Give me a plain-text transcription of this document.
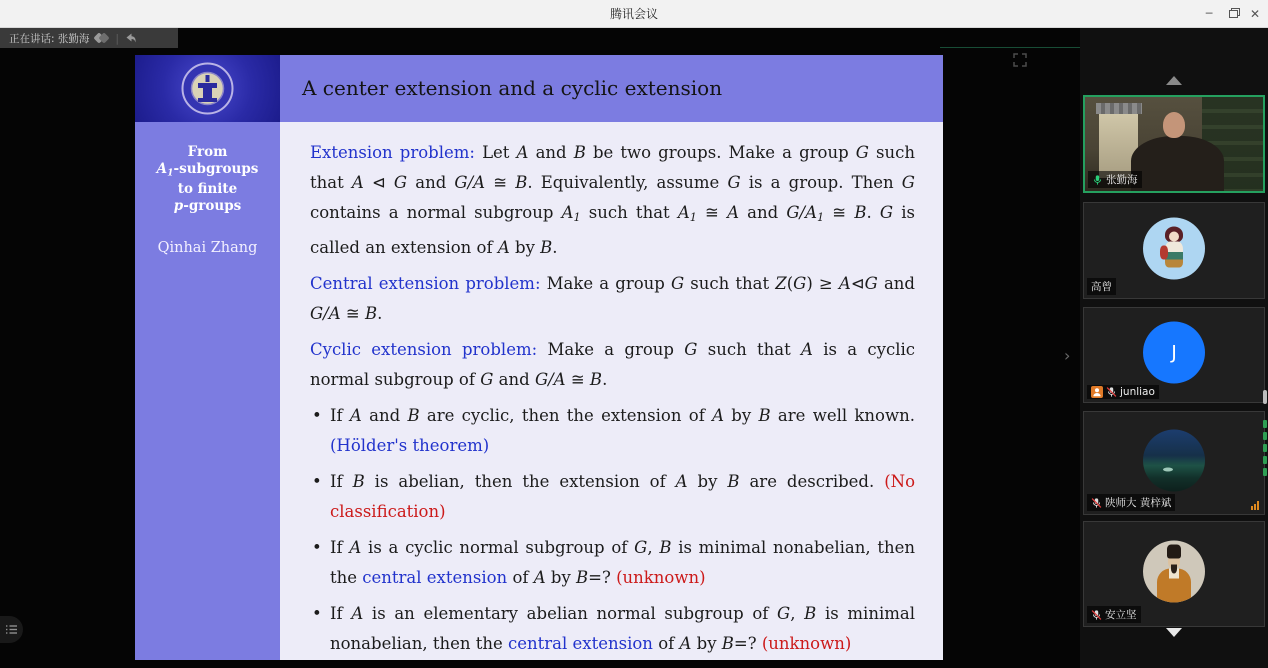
腾讯会议	─	✕
正在讲话: 张勤海 |
A center extension and a cyclic extension
From
A1-subgroups
to finite
p-groups
Qinhai Zhang
Extension problem: Let A and B be two groups. Make a group G such that A ⊲ G and G/A ≅ B. Equivalently, assume G is a group. Then G contains a normal subgroup A1 such that A1 ≅ A and G/A1 ≅ B. G is called an extension of A by B.
Central extension problem: Make a group G such that Z(G) ≥ A⊲G and G/A ≅ B.
Cyclic extension problem: Make a group G such that A is a cyclic normal subgroup of G and G/A ≅ B.
• If A and B are cyclic, then the extension of A by B are well known. (Hölder's theorem)
• If B is abelian, then the extension of A by B are described. (No classification)
• If A is a cyclic normal subgroup of G, B is minimal nonabelian, then the central extension of A by B=? (unknown)
• If A is an elementary abelian normal subgroup of G, B is minimal nonabelian, then the central extension of A by B=? (unknown)
›
张勤海
高曾
J
junliao
陕师大 黄梓斌
安立坚
